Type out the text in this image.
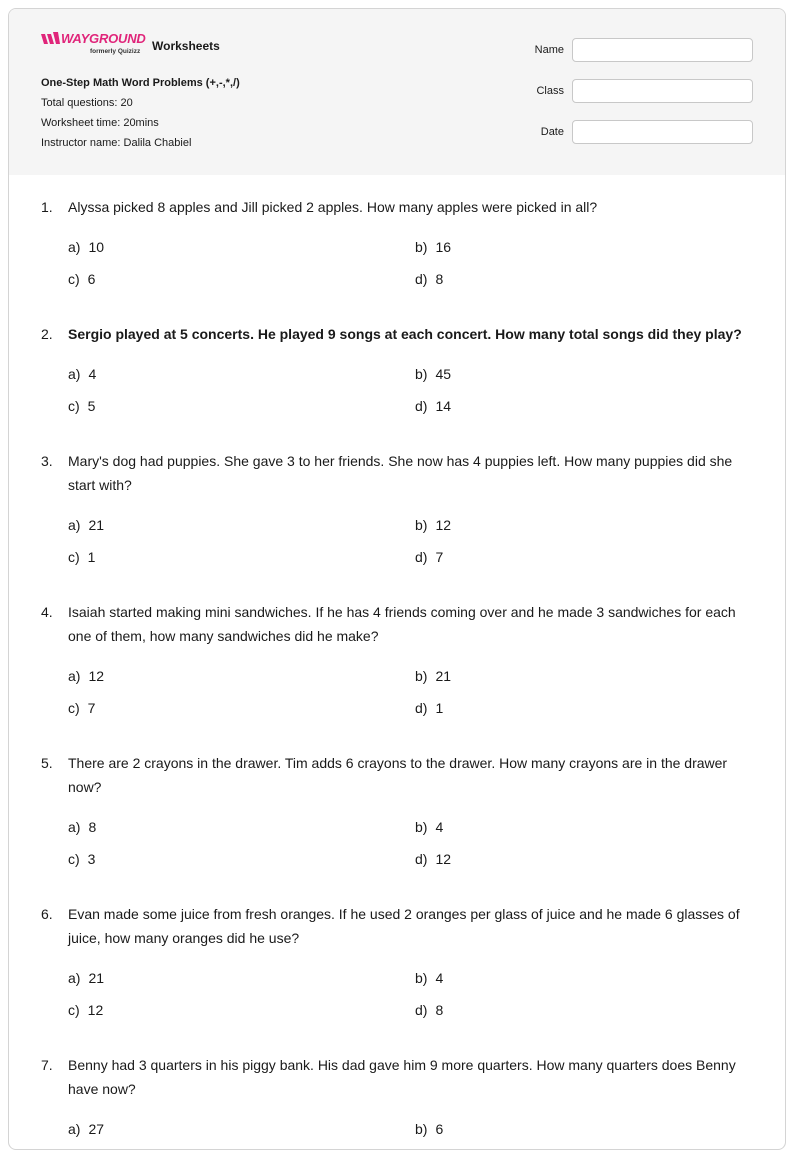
WAYGROUND
formerly Quizizz Worksheets
One-Step Math Word Problems (+,-,*,/)
Total questions: 20
Worksheet time: 20mins
Instructor name: Dalila Chabiel
Name
Class
Date
1.	Alyssa picked 8 apples and Jill picked 2 apples. How many apples were picked in all?
a) 10	b) 16
c) 6	d) 8
2.	Sergio played at 5 concerts. He played 9 songs at each concert. How many total songs did they play?
a) 4	b) 45
c) 5	d) 14
3.	Mary's dog had puppies. She gave 3 to her friends. She now has 4 puppies left. How many puppies did she start with?
a) 21	b) 12
c) 1	d) 7
4.	Isaiah started making mini sandwiches. If he has 4 friends coming over and he made 3 sandwiches for each one of them, how many sandwiches did he make?
a) 12	b) 21
c) 7	d) 1
5.	There are 2 crayons in the drawer. Tim adds 6 crayons to the drawer. How many crayons are in the drawer now?
a) 8	b) 4
c) 3	d) 12
6.	Evan made some juice from fresh oranges. If he used 2 oranges per glass of juice and he made 6 glasses of juice, how many oranges did he use?
a) 21	b) 4
c) 12	d) 8
7.	Benny had 3 quarters in his piggy bank. His dad gave him 9 more quarters. How many quarters does Benny have now?
a) 27	b) 6
